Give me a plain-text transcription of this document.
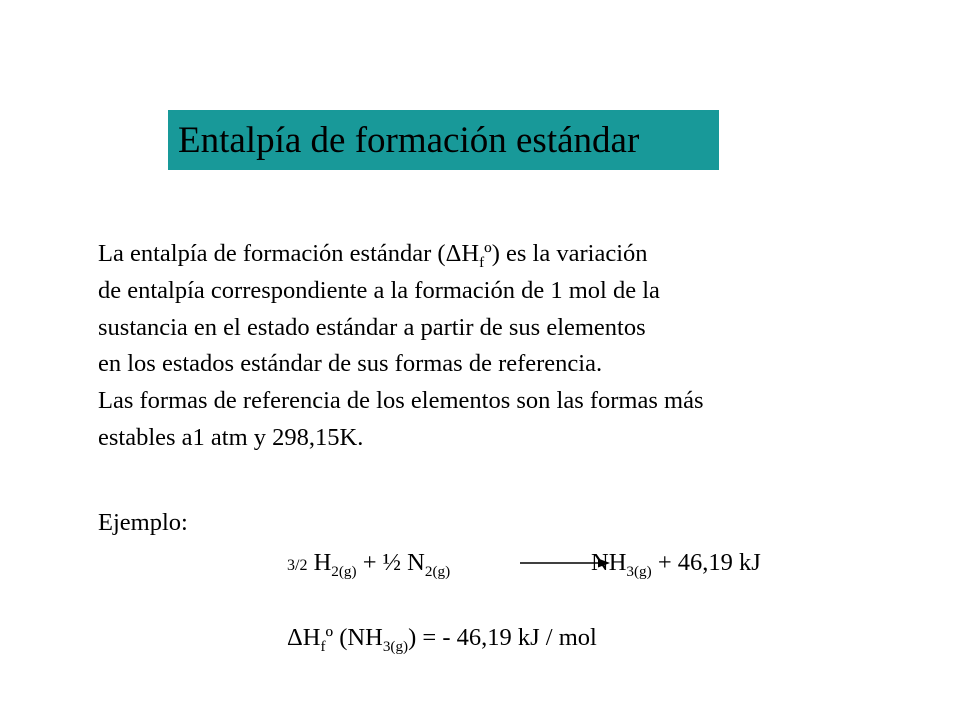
Entalpía de formación estándar
La entalpía de formación estándar $(\Delta H_fº)$ es la variación
de entalpía correspondiente a la formación de 1 mol de la
sustancia en el estado estándar a partir de sus elementos
en los estados estándar de sus formas de referencia.
Las formas de referencia de los elementos son las formas más
estables a1 atm y 298,15K.
Ejemplo:
3/2 $H_{2(g)}$ + ½ $N_{2(g)}$	$NH_{3(g)} + 46,19$ kJ
$\Delta H_fº$ $(NH_{3(g)})$ = - 46,19 kJ / mol
